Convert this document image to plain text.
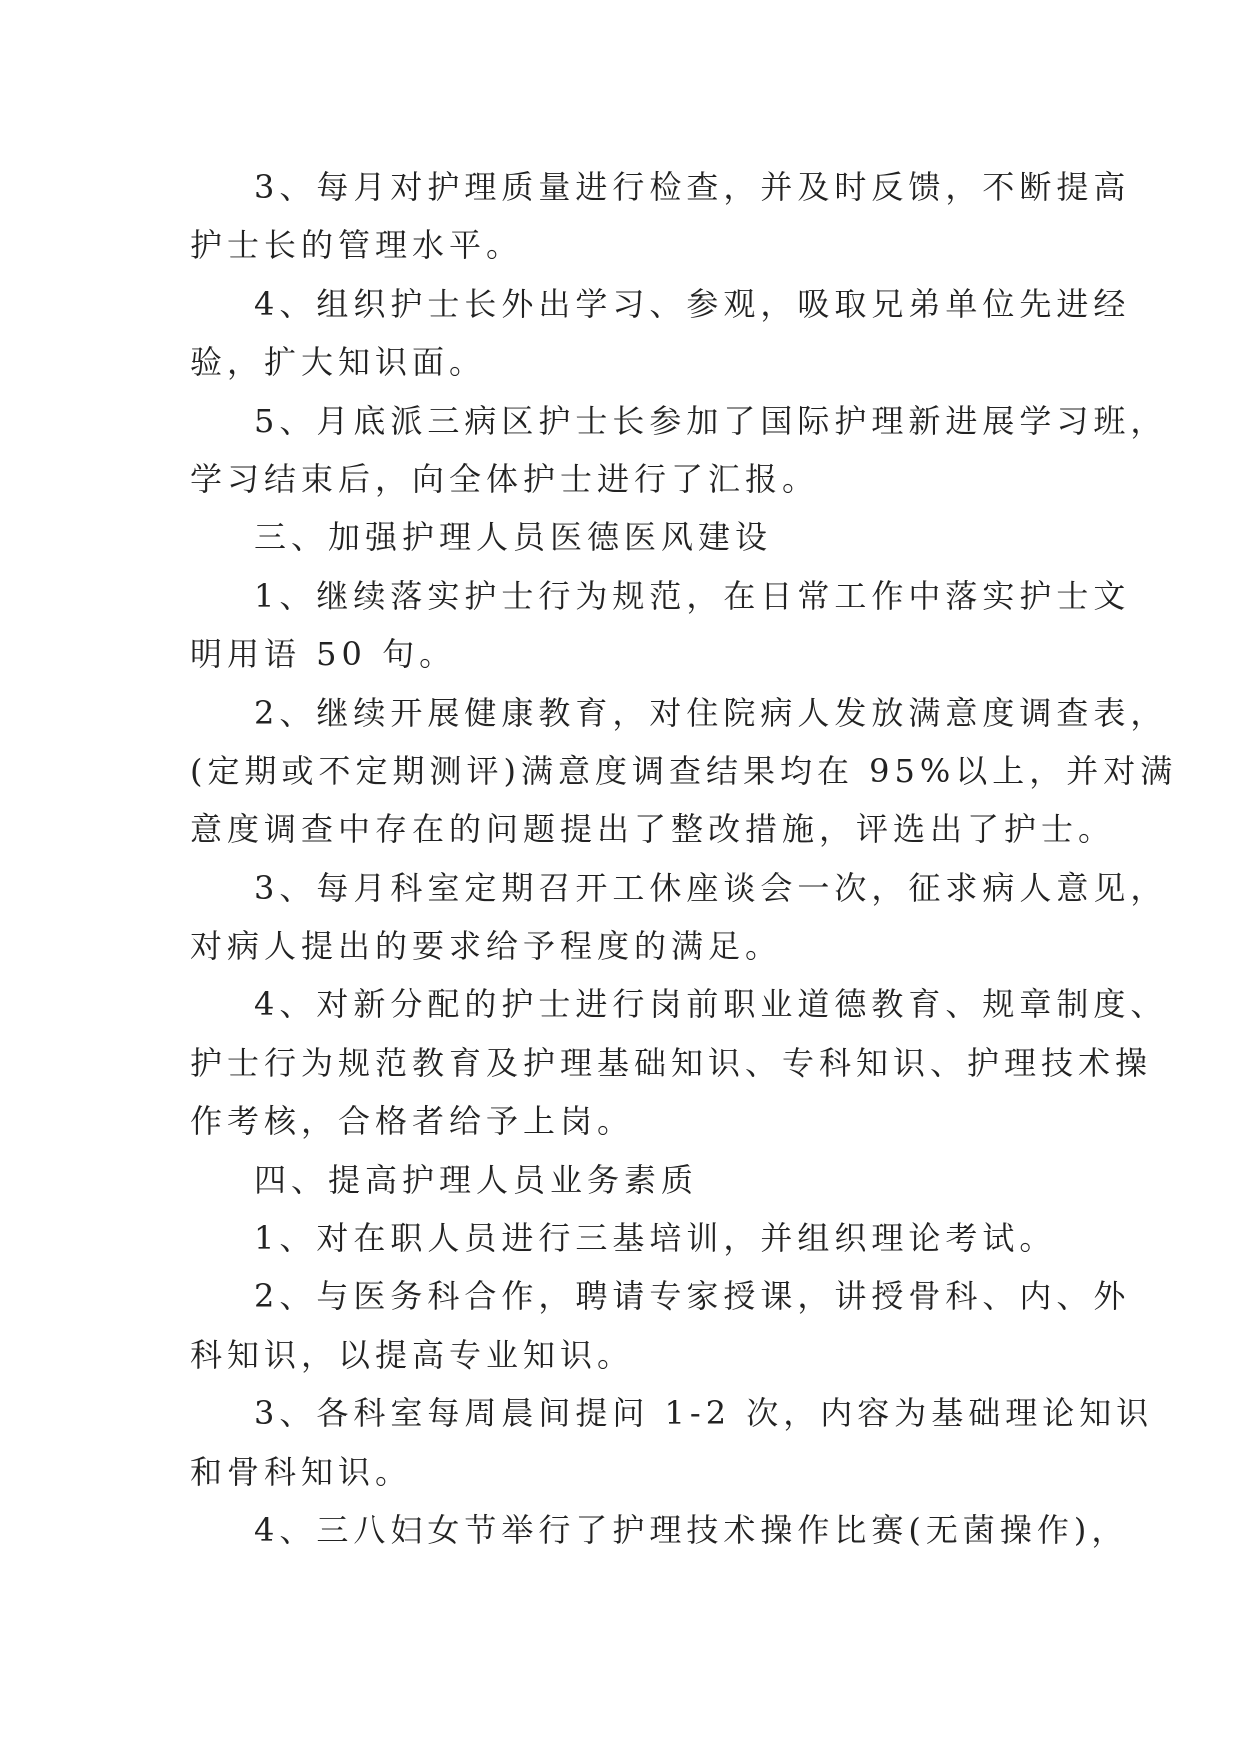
3、每月对护理质量进行检查，并及时反馈，不断提高
护士长的管理水平。
4、组织护士长外出学习、参观，吸取兄弟单位先进经
验，扩大知识面。
5、月底派三病区护士长参加了国际护理新进展学习班，
学习结束后，向全体护士进行了汇报。
三、加强护理人员医德医风建设
1、继续落实护士行为规范，在日常工作中落实护士文
明用语 50 句。
2、继续开展健康教育，对住院病人发放满意度调查表，
(定期或不定期测评)满意度调查结果均在 95%以上，并对满
意度调查中存在的问题提出了整改措施，评选出了护士。
3、每月科室定期召开工休座谈会一次，征求病人意见，
对病人提出的要求给予程度的满足。
4、对新分配的护士进行岗前职业道德教育、规章制度、
护士行为规范教育及护理基础知识、专科知识、护理技术操
作考核，合格者给予上岗。
四、提高护理人员业务素质
1、对在职人员进行三基培训，并组织理论考试。
2、与医务科合作，聘请专家授课，讲授骨科、内、外
科知识，以提高专业知识。
3、各科室每周晨间提问 1-2 次，内容为基础理论知识
和骨科知识。
4、三八妇女节举行了护理技术操作比赛(无菌操作)，
